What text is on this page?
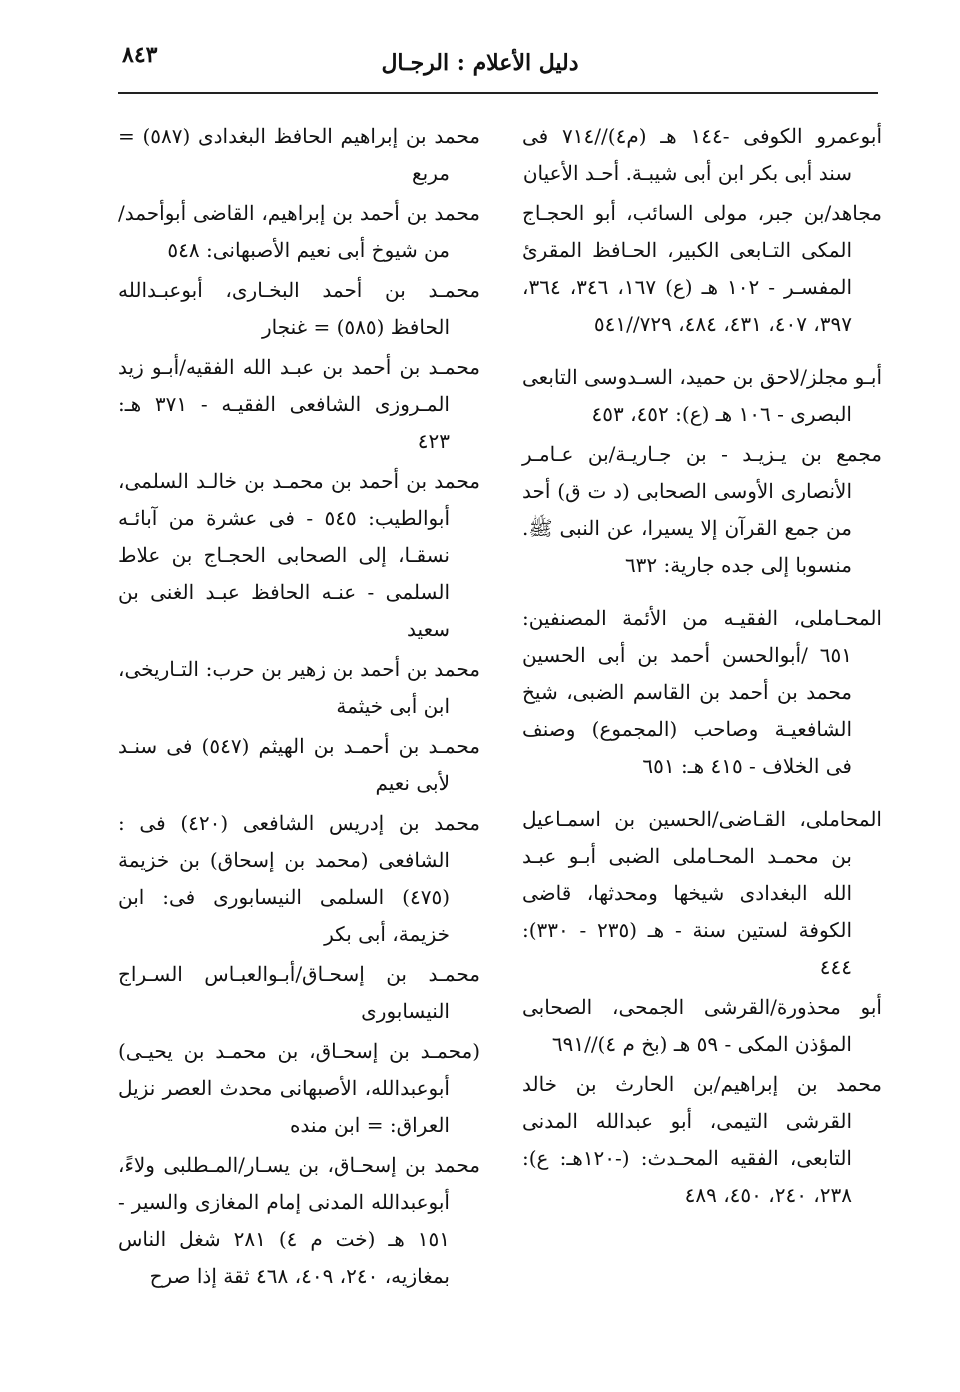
٨٤٣	دليل الأعلام : الرجـال

أبوعمرو الكوفى -١٤٤ هـ (م٤)//٧١٤ فى سند أبى بكر ابن أبى شيبـة. أحـد الأعيان

مجاهد/بن جبر، مولى السائب، أبو الحجـاج المكى التـابعى الكبير، الحـافظ المقرئ المفسـر - ١٠٢ هـ (ع) ١٦٧، ٣٤٦، ٣٦٤، ٣٩٧، ٤٠٧، ٤٣١، ٤٨٤، ٧٢٩//٥٤١

أبـو مجلز/لاحق بن حميد، السـدوسى التابعى البصرى - ١٠٦ هـ (ع): ٤٥٢، ٤٥٣

مجمع بن يـزيـد - بن جـاريـة/بن عـامـر الأنصارى الأوسى الصحابى (د ت ق) أحد من جمع القرآن إلا يسيرا، عن النبى ﷺ. منسوبا إلى جده جارية: ٦٣٢

المحـاملى، الفقيـه من الأئمة المصنفين: ٦٥١ /أبوالحسن أحمد بن أبى الحسين محمد بن أحمد بن القاسم الضبى، شيخ الشافعيـة وصاحب (المجموع) وصنف فى الخلاف - ٤١٥ هـ: ٦٥١

المحاملى، القـاضى/الحسين بن اسمـاعيل بن محمـد المحـاملى الضبى أبـو عبـد الله البغدادى شيخها ومحدثها، قاضى الكوفة لستين سنة - هـ (٢٣٥ - ٣٣٠): ٤٤٤

أبو محذورة/القرشى الجمحى، الصحابى المؤذن المكى - ٥٩ هـ (بخ م ٤)//٦٩١

محمد بن إبراهيم/بن الحارث بن خالد القرشى التيمى، أبو عبدالله المدنى التابعى، الفقيه المحـدث: (-١٢٠هـ: ع): ٢٣٨، ٢٤٠، ٤٥٠، ٤٨٩

محمد بن إبراهيم الحافظ البغدادى (٥٨٧) = مربع

محمد بن أحمد بن إبراهيم، القاضى أبوأحمد/من شيوخ أبى نعيم الأصبهانى: ٥٤٨

محمـد بن أحمد البخـارى، أبوعبـدالله الحافظ (٥٨٥) = غنجار

محمـد بن أحمد بن عبـد الله الفقيه/أبـو زيد المـروزى الشافعى الفقيـه - ٣٧١ هـ: ٤٢٣

محمد بن أحمد بن محمـد بن خالـد السلمى، أبوالطيب: ٥٤٥ - فى عشرة من آبائـه نسقـا، إلى الصحابى الحجـاج بن علاط السلمى - عنـه الحافظ عبـد الغنى بن سعيد

محمد بن أحمد بن زهير بن حرب: التـاريخى، ابن أبى خيثمة

محمـد بن أحمـد بن الهيثم (٥٤٧) فى سنـد لأبى نعيم

محمد بن إدريس الشافعى (٤٢٠) فى : الشافعى (محمد بن إسحاق) بن خزيمة (٤٧٥) السلمى النيسابورى فى: ابن خزيمة، أبى بكر

محمـد بن إسحـاق/أبـوالعبـاس السـراج النيسابورى

(محمـد بن إسحـاق، بن محمـد بن يحيـى) أبوعبدالله، الأصبهانى محدث العصر نزيل العراق: = ابن منده

محمد بن إسحـاق، بن يسـار/المـطلبى ولاءً، أبوعبدالله المدنى إمام المغازى والسير - ١٥١ هـ (خت م ٤) ٢٨١ شغل الناس بمغازيه، ٢٤٠، ٤٠٩، ٤٦٨ ثقة إذا صرح
